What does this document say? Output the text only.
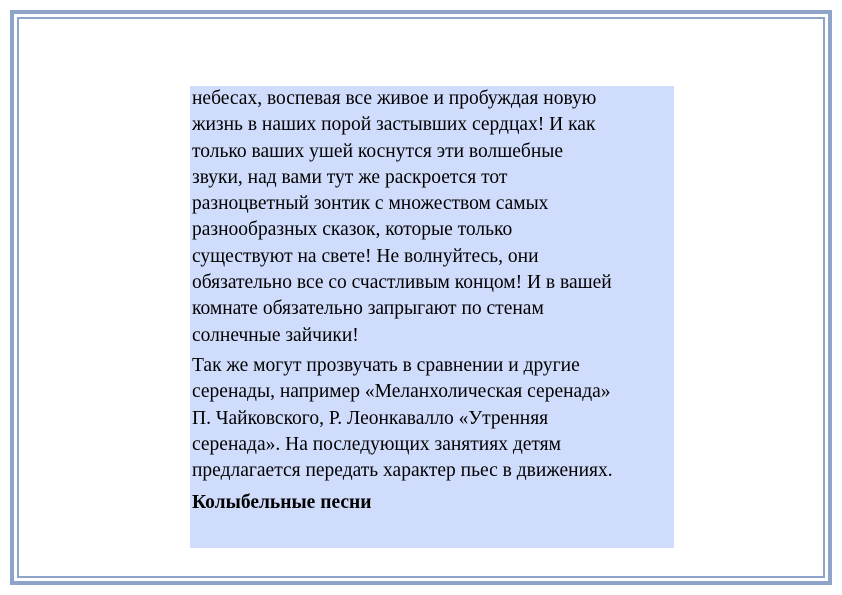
небесах, воспевая все живое и пробуждая новую
жизнь в наших порой застывших сердцах! И как
только ваших ушей коснутся эти волшебные
звуки, над вами тут же раскроется тот
разноцветный зонтик с множеством самых
разнообразных сказок, которые только
существуют на свете! Не волнуйтесь, они
обязательно все со счастливым концом! И в вашей
комнате обязательно запрыгают по стенам
солнечные зайчики!

Так же могут прозвучать в сравнении и другие
серенады, например «Меланхолическая серенада»
П. Чайковского, Р. Леонкавалло «Утренняя
серенада». На последующих занятиях детям
предлагается передать характер пьес в движениях.

Колыбельные песни
